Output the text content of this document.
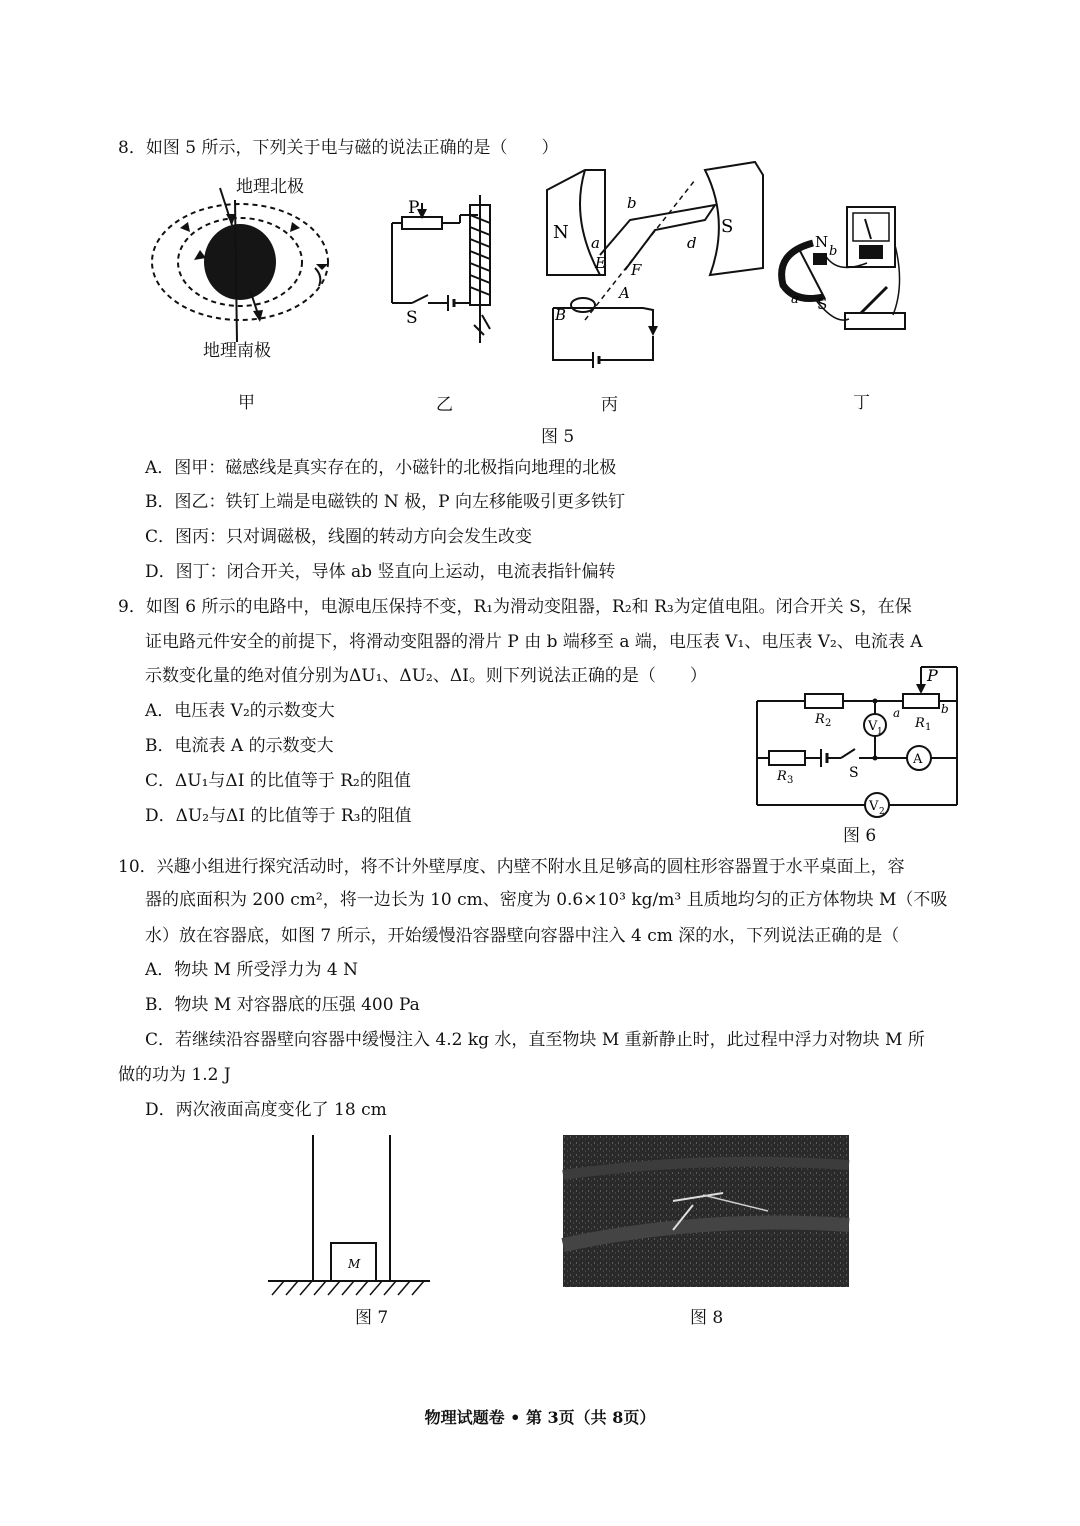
8．如图 5 所示，下列关于电与磁的说法正确的是（　　）
地理北极
地理南极
P
S
N	S
b
a	d
E F
A
B
N
b
a S
甲	乙	丙	丁
图 5
A．图甲：磁感线是真实存在的，小磁针的北极指向地理的北极
B．图乙：铁钉上端是电磁铁的 N 极，P 向左移能吸引更多铁钉
C．图丙：只对调磁极，线圈的转动方向会发生改变
D．图丁：闭合开关，导体 ab 竖直向上运动，电流表指针偏转
9．如图 6 所示的电路中，电源电压保持不变，R₁为滑动变阻器，R₂和 R₃为定值电阻。闭合开关 S，在保
证电路元件安全的前提下，将滑动变阻器的滑片 P 由 b 端移至 a 端，电压表 V₁、电压表 V₂、电流表 A
示数变化量的绝对值分别为ΔU₁、ΔU₂、ΔI。则下列说法正确的是（　　）
A．电压表 V₂的示数变大
B．电流表 A 的示数变大
C．ΔU₁与ΔI 的比值等于 R₂的阻值
D．ΔU₂与ΔI 的比值等于 R₃的阻值
P
R 2	R 1
a	b
V 1
A
R 3	S
V 2
图 6
10．兴趣小组进行探究活动时，将不计外壁厚度、内壁不附水且足够高的圆柱形容器置于水平桌面上，容
器的底面积为 200 cm²，将一边长为 10 cm、密度为 0.6×10³ kg/m³ 且质地均匀的正方体物块 M（不吸
水）放在容器底，如图 7 所示，开始缓慢沿容器壁向容器中注入 4 cm 深的水，下列说法正确的是（
A．物块 M 所受浮力为 4 N
B．物块 M 对容器底的压强 400 Pa
C．若继续沿容器壁向容器中缓慢注入 4.2 kg 水，直至物块 M 重新静止时，此过程中浮力对物块 M 所
做的功为 1.2 J
D．两次液面高度变化了 18 cm
M
图 7	图 8
物理试题卷 • 第 3页（共 8页）
